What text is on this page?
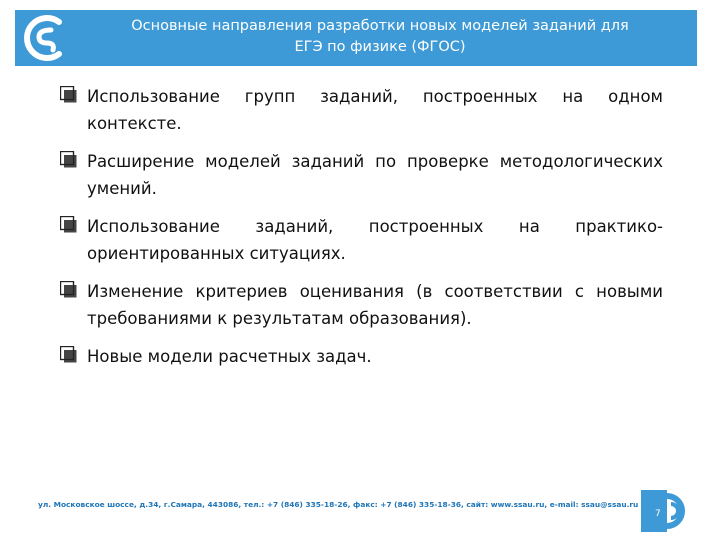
Основные направления разработки новых моделей заданий для
ЕГЭ по физике (ФГОС)
Использование групп заданий, построенных на одном контексте.
Расширение моделей заданий по проверке методологических умений.
Использование заданий, построенных на практико-ориентированных ситуациях.
Изменение критериев оценивания (в соответствии с новыми требованиями к результатам образования).
Новые модели расчетных задач.
ул. Московское шоссе, д.34, г.Самара, 443086, тел.: +7 (846) 335-18-26, факс: +7 (846) 335-18-36, сайт: www.ssau.ru, e-mail: ssau@ssau.ru
7
